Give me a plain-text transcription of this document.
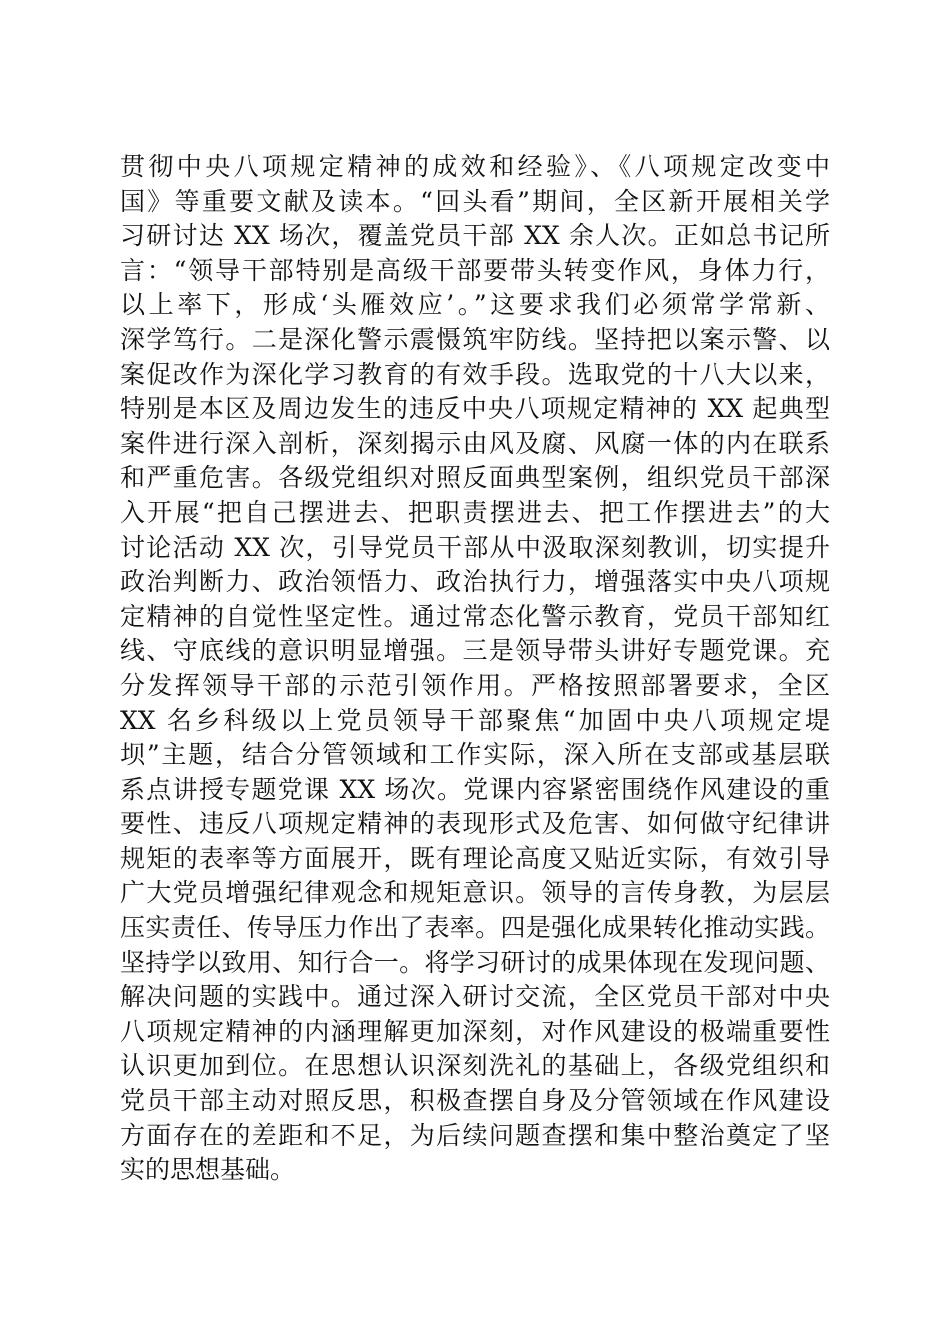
贯彻中央八项规定精神的成效和经验》、《八项规定改变中
国》等重要文献及读本。“回头看”期间，全区新开展相关学
习研讨达 XX 场次，覆盖党员干部 XX 余人次。正如总书记所
言：“领导干部特别是高级干部要带头转变作风，身体力行，
以上率下，形成‘头雁效应’。”这要求我们必须常学常新、
深学笃行。二是深化警示震慑筑牢防线。坚持把以案示警、以
案促改作为深化学习教育的有效手段。选取党的十八大以来，
特别是本区及周边发生的违反中央八项规定精神的 XX 起典型
案件进行深入剖析，深刻揭示由风及腐、风腐一体的内在联系
和严重危害。各级党组织对照反面典型案例，组织党员干部深
入开展“把自己摆进去、把职责摆进去、把工作摆进去”的大
讨论活动 XX 次，引导党员干部从中汲取深刻教训，切实提升
政治判断力、政治领悟力、政治执行力，增强落实中央八项规
定精神的自觉性坚定性。通过常态化警示教育，党员干部知红
线、守底线的意识明显增强。三是领导带头讲好专题党课。充
分发挥领导干部的示范引领作用。严格按照部署要求，全区
XX 名乡科级以上党员领导干部聚焦“加固中央八项规定堤
坝”主题，结合分管领域和工作实际，深入所在支部或基层联
系点讲授专题党课 XX 场次。党课内容紧密围绕作风建设的重
要性、违反八项规定精神的表现形式及危害、如何做守纪律讲
规矩的表率等方面展开，既有理论高度又贴近实际，有效引导
广大党员增强纪律观念和规矩意识。领导的言传身教，为层层
压实责任、传导压力作出了表率。四是强化成果转化推动实践。
坚持学以致用、知行合一。将学习研讨的成果体现在发现问题、
解决问题的实践中。通过深入研讨交流，全区党员干部对中央
八项规定精神的内涵理解更加深刻，对作风建设的极端重要性
认识更加到位。在思想认识深刻洗礼的基础上，各级党组织和
党员干部主动对照反思，积极查摆自身及分管领域在作风建设
方面存在的差距和不足，为后续问题查摆和集中整治奠定了坚
实的思想基础。
